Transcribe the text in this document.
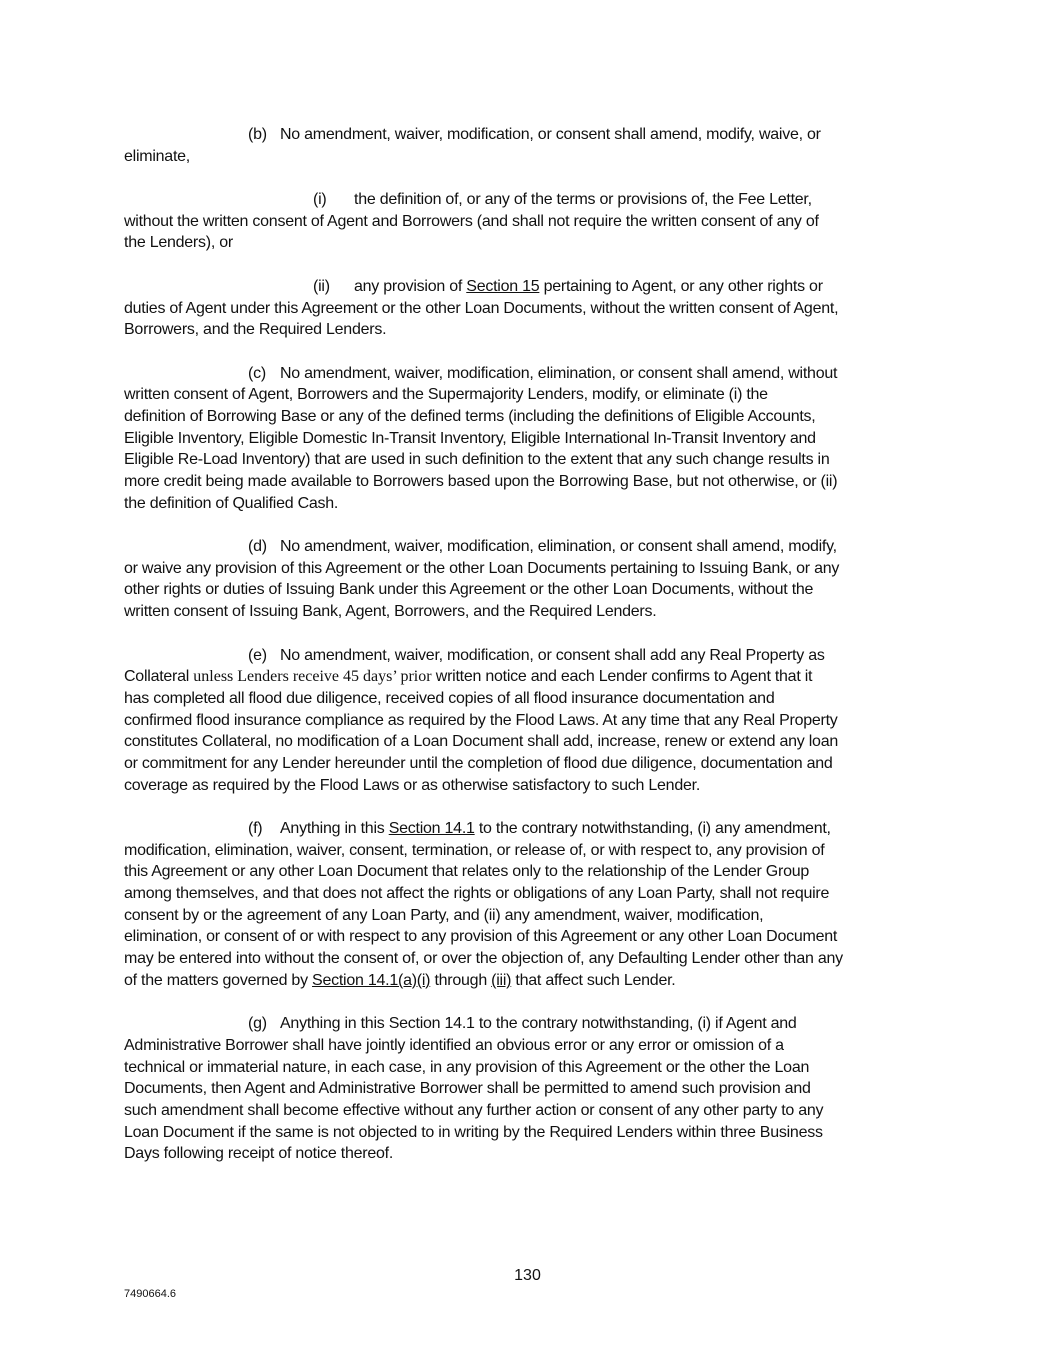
(b) No amendment, waiver, modification, or consent shall amend, modify, waive, or
eliminate,
(i) the definition of, or any of the terms or provisions of, the Fee Letter,
without the written consent of Agent and Borrowers (and shall not require the written consent of any of
the Lenders), or
(ii) any provision of Section 15 pertaining to Agent, or any other rights or
duties of Agent under this Agreement or the other Loan Documents, without the written consent of Agent,
Borrowers, and the Required Lenders.
(c) No amendment, waiver, modification, elimination, or consent shall amend, without
written consent of Agent, Borrowers and the Supermajority Lenders, modify, or eliminate (i) the
definition of Borrowing Base or any of the defined terms (including the definitions of Eligible Accounts,
Eligible Inventory, Eligible Domestic In-Transit Inventory, Eligible International In-Transit Inventory and
Eligible Re-Load Inventory) that are used in such definition to the extent that any such change results in
more credit being made available to Borrowers based upon the Borrowing Base, but not otherwise, or (ii)
the definition of Qualified Cash.
(d) No amendment, waiver, modification, elimination, or consent shall amend, modify,
or waive any provision of this Agreement or the other Loan Documents pertaining to Issuing Bank, or any
other rights or duties of Issuing Bank under this Agreement or the other Loan Documents, without the
written consent of Issuing Bank, Agent, Borrowers, and the Required Lenders.
(e) No amendment, waiver, modification, or consent shall add any Real Property as
Collateral unless Lenders receive 45 days’ prior written notice and each Lender confirms to Agent that it
has completed all flood due diligence, received copies of all flood insurance documentation and
confirmed flood insurance compliance as required by the Flood Laws. At any time that any Real Property
constitutes Collateral, no modification of a Loan Document shall add, increase, renew or extend any loan
or commitment for any Lender hereunder until the completion of flood due diligence, documentation and
coverage as required by the Flood Laws or as otherwise satisfactory to such Lender.
(f) Anything in this Section 14.1 to the contrary notwithstanding, (i) any amendment,
modification, elimination, waiver, consent, termination, or release of, or with respect to, any provision of
this Agreement or any other Loan Document that relates only to the relationship of the Lender Group
among themselves, and that does not affect the rights or obligations of any Loan Party, shall not require
consent by or the agreement of any Loan Party, and (ii) any amendment, waiver, modification,
elimination, or consent of or with respect to any provision of this Agreement or any other Loan Document
may be entered into without the consent of, or over the objection of, any Defaulting Lender other than any
of the matters governed by Section 14.1(a)(i) through (iii) that affect such Lender.
(g) Anything in this Section 14.1 to the contrary notwithstanding, (i) if Agent and
Administrative Borrower shall have jointly identified an obvious error or any error or omission of a
technical or immaterial nature, in each case, in any provision of this Agreement or the other the Loan
Documents, then Agent and Administrative Borrower shall be permitted to amend such provision and
such amendment shall become effective without any further action or consent of any other party to any
Loan Document if the same is not objected to in writing by the Required Lenders within three Business
Days following receipt of notice thereof.
130
7490664.6
